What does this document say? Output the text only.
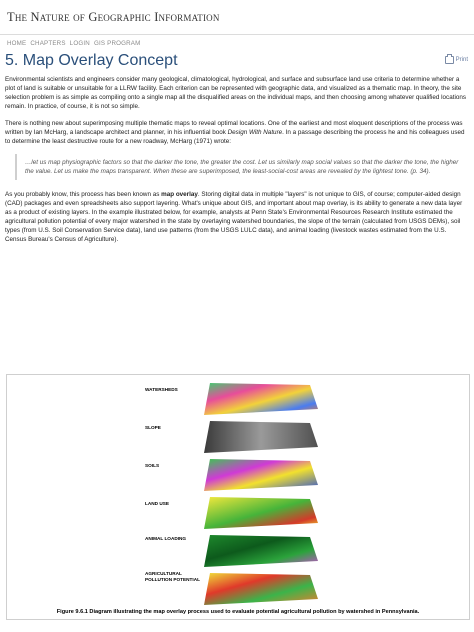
The Nature of Geographic Information
HOME CHAPTERS LOGIN GIS PROGRAM
5. Map Overlay Concept	Print

Environmental scientists and engineers consider many geological, climatological, hydrological, and surface and subsurface land use criteria to determine whether a plot of land is suitable or unsuitable for a LLRW facility. Each criterion can be represented with geographic data, and visualized as a thematic map. In theory, the site selection problem is as simple as compiling onto a single map all the disqualified areas on the individual maps, and then choosing among whatever qualified locations remain. In practice, of course, it is not so simple.

There is nothing new about superimposing multiple thematic maps to reveal optimal locations. One of the earliest and most eloquent descriptions of the process was written by Ian McHarg, a landscape architect and planner, in his influential book Design With Nature. In a passage describing the process he and his colleagues used to determine the least destructive route for a new roadway, McHarg (1971) wrote:

…let us map physiographic factors so that the darker the tone, the greater the cost. Let us similarly map social values so that the darker the tone, the higher the value. Let us make the maps transparent. When these are superimposed, the least-social-cost areas are revealed by the lightest tone. (p. 34).

As you probably know, this process has been known as map overlay. Storing digital data in multiple "layers" is not unique to GIS, of course; computer-aided design (CAD) packages and even spreadsheets also support layering. What's unique about GIS, and important about map overlay, is its ability to generate a new data layer as a product of existing layers. In the example illustrated below, for example, analysts at Penn State's Environmental Resources Research Institute estimated the agricultural pollution potential of every major watershed in the state by overlaying watershed boundaries, the slope of the terrain (calculated from USGS DEMs), soil types (from U.S. Soil Conservation Service data), land use patterns (from the USGS LULC data), and animal loading (livestock wastes estimated from the U.S. Census Bureau's Census of Agriculture).

WATERSHEDS
SLOPE
SOILS
LAND USE
ANIMAL LOADING
AGRICULTURAL POLLUTION POTENTIAL
Figure 9.6.1 Diagram illustrating the map overlay process used to evaluate potential agricultural pollution by watershed in Pennsylvania.
